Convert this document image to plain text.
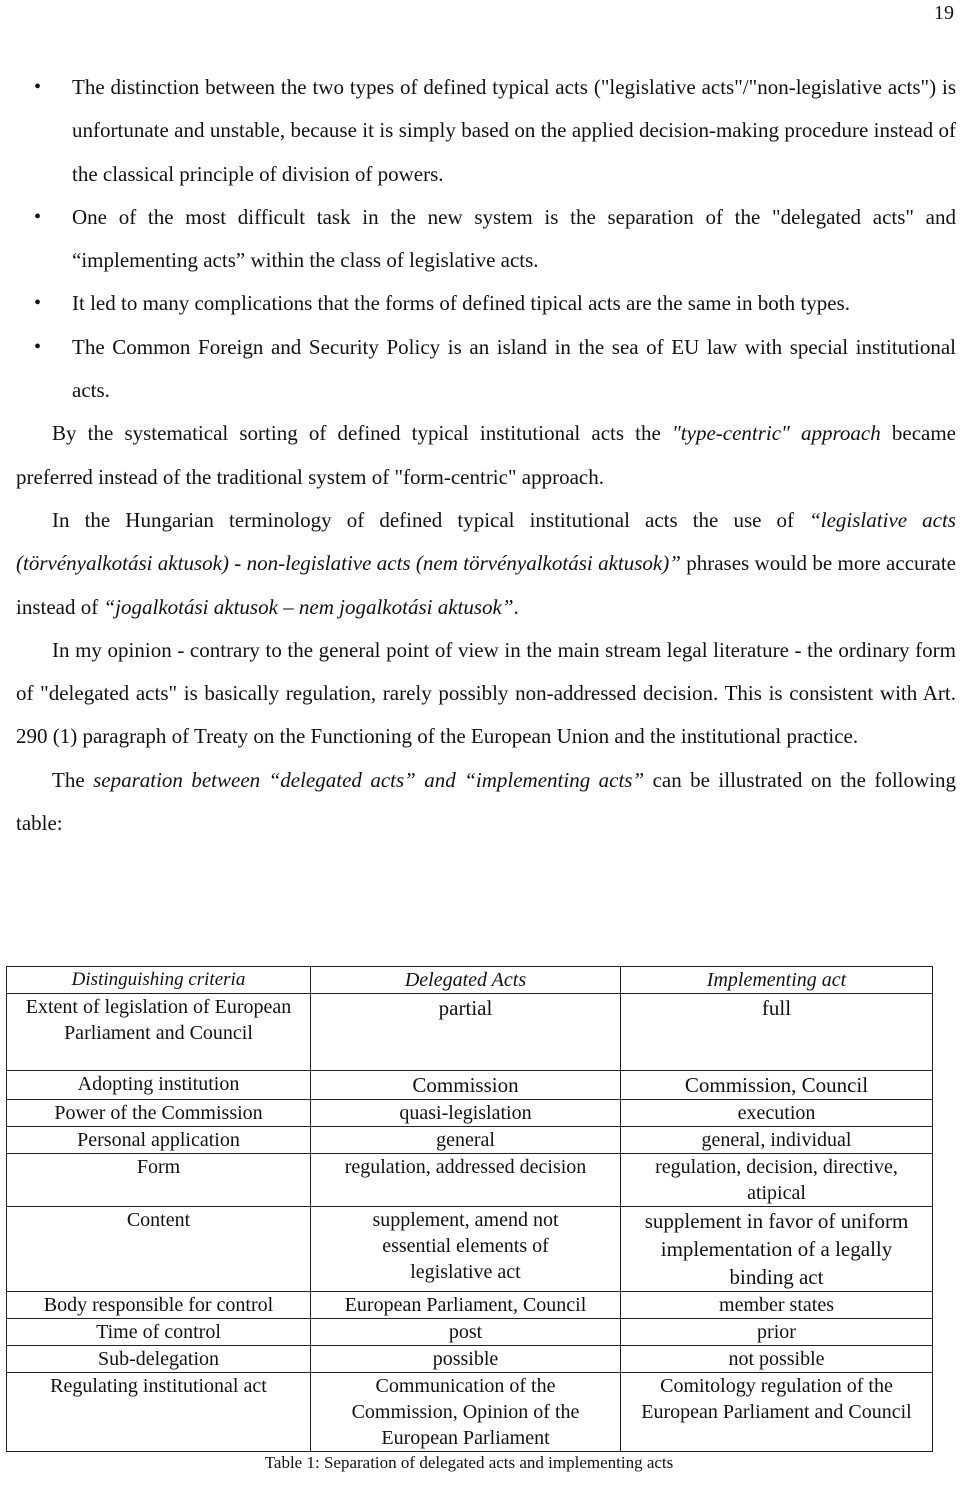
19
• The distinction between the two types of defined typical acts ("legislative acts"/"non-legislative acts") is unfortunate and unstable, because it is simply based on the applied decision-making procedure instead of the classical principle of division of powers.
• One of the most difficult task in the new system is the separation of the "delegated acts" and “implementing acts” within the class of legislative acts.
• It led to many complications that the forms of defined tipical acts are the same in both types.
• The Common Foreign and Security Policy is an island in the sea of EU law with special institutional acts.

By the systematical sorting of defined typical institutional acts the "type-centric" approach became preferred instead of the traditional system of "form-centric" approach.

In the Hungarian terminology of defined typical institutional acts the use of “legislative acts (törvényalkotási aktusok) - non-legislative acts (nem törvényalkotási aktusok)” phrases would be more accurate instead of “jogalkotási aktusok – nem jogalkotási aktusok”.

In my opinion - contrary to the general point of view in the main stream legal literature - the ordinary form of "delegated acts" is basically regulation, rarely possibly non-addressed decision. This is consistent with Art. 290 (1) paragraph of Treaty on the Functioning of the European Union and the institutional practice.

The separation between “delegated acts” and “implementing acts” can be illustrated on the following table:

Distinguishing criteria	Delegated Acts	Implementing act
Extent of legislation of European Parliament and Council	partial	full
Adopting institution	Commission	Commission, Council
Power of the Commission	quasi-legislation	execution
Personal application	general	general, individual
Form	regulation, addressed decision	regulation, decision, directive, atipical
Content	supplement, amend not essential elements of legislative act	supplement in favor of uniform implementation of a legally binding act
Body responsible for control	European Parliament, Council	member states
Time of control	post	prior
Sub-delegation	possible	not possible
Regulating institutional act	Communication of the Commission, Opinion of the European Parliament	Comitology regulation of the European Parliament and Council
Table 1: Separation of delegated acts and implementing acts
